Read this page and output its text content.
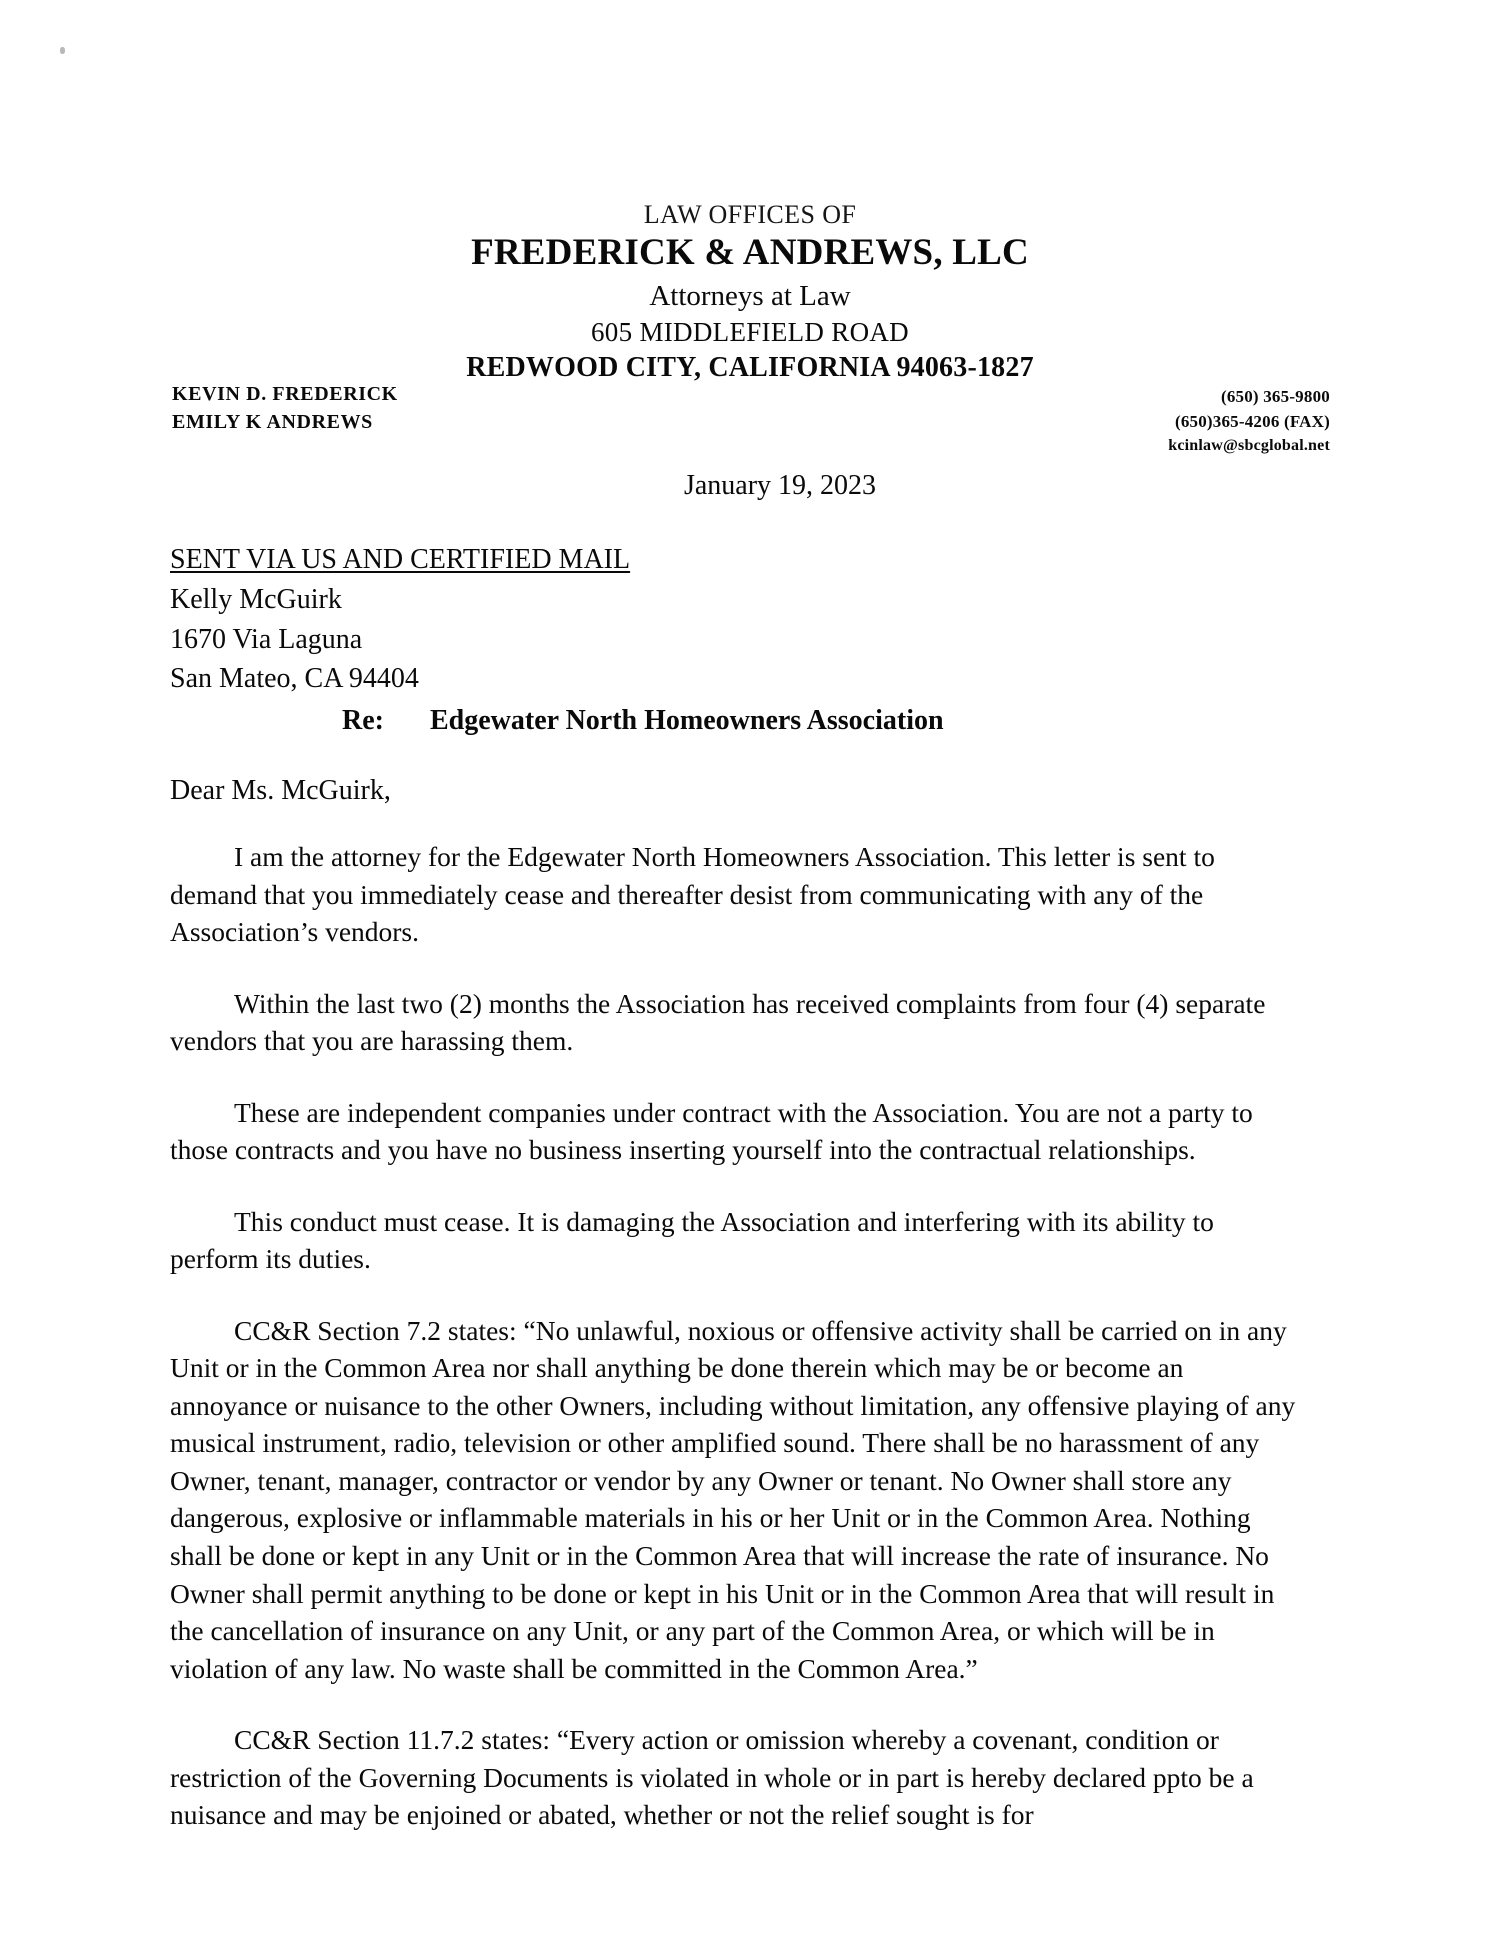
LAW OFFICES OF
FREDERICK & ANDREWS, LLC
Attorneys at Law
605 MIDDLEFIELD ROAD
REDWOOD CITY, CALIFORNIA 94063-1827
KEVIN D. FREDERICK
EMILY K ANDREWS
(650) 365-9800
(650)365-4206 (FAX)
kcinlaw@sbcglobal.net
January 19, 2023
SENT VIA US AND CERTIFIED MAIL
Kelly McGuirk
1670 Via Laguna
San Mateo, CA 94404
Re: Edgewater North Homeowners Association
Dear Ms. McGuirk,

I am the attorney for the Edgewater North Homeowners Association. This letter is sent to demand that you immediately cease and thereafter desist from communicating with any of the Association’s vendors.

Within the last two (2) months the Association has received complaints from four (4) separate vendors that you are harassing them.

These are independent companies under contract with the Association. You are not a party to those contracts and you have no business inserting yourself into the contractual relationships.

This conduct must cease. It is damaging the Association and interfering with its ability to perform its duties.

CC&R Section 7.2 states: “No unlawful, noxious or offensive activity shall be carried on in any Unit or in the Common Area nor shall anything be done therein which may be or become an annoyance or nuisance to the other Owners, including without limitation, any offensive playing of any musical instrument, radio, television or other amplified sound. There shall be no harassment of any Owner, tenant, manager, contractor or vendor by any Owner or tenant. No Owner shall store any dangerous, explosive or inflammable materials in his or her Unit or in the Common Area. Nothing shall be done or kept in any Unit or in the Common Area that will increase the rate of insurance. No Owner shall permit anything to be done or kept in his Unit or in the Common Area that will result in the cancellation of insurance on any Unit, or any part of the Common Area, or which will be in violation of any law. No waste shall be committed in the Common Area.”

CC&R Section 11.7.2 states: “Every action or omission whereby a covenant, condition or restriction of the Governing Documents is violated in whole or in part is hereby declared ppto be a nuisance and may be enjoined or abated, whether or not the relief sought is for
